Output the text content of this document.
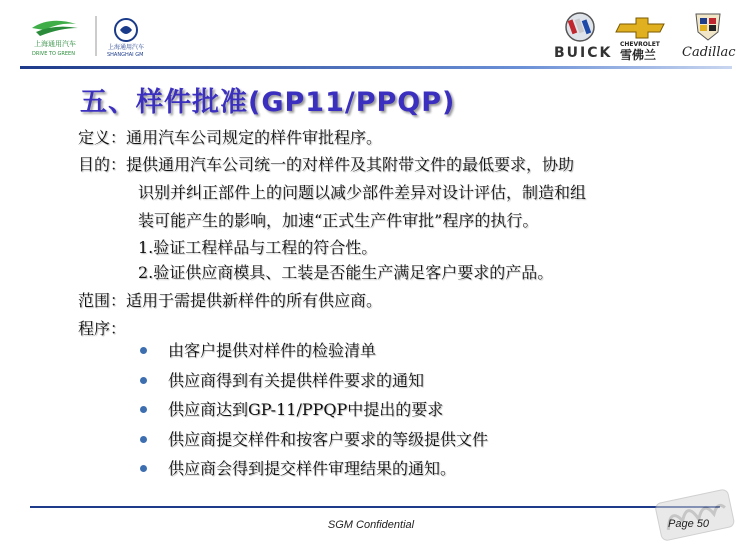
上海通用汽车
DRIVE TO GREEN
上海通用汽车
SHANGHAI GM	BUICK
CHEVROLET
雪佛兰 Cadillac
五、样件批准(GP11/PPQP)
定义：通用汽车公司规定的样件审批程序。
目的：提供通用汽车公司统一的对样件及其附带文件的最低要求，协助
识别并纠正部件上的问题以减少部件差异对设计评估，制造和组
装可能产生的影响，加速“正式生产件审批”程序的执行。
1.验证工程样品与工程的符合性。
2.验证供应商模具、工装是否能生产满足客户要求的产品。
范围：适用于需提供新样件的所有供应商。
程序：
由客户提供对样件的检验清单
供应商得到有关提供样件要求的通知
供应商达到GP-11/PPQP中提出的要求
供应商提交样件和按客户要求的等级提供文件
供应商会得到提交样件审理结果的通知。
SGM Confidential	Page 50
